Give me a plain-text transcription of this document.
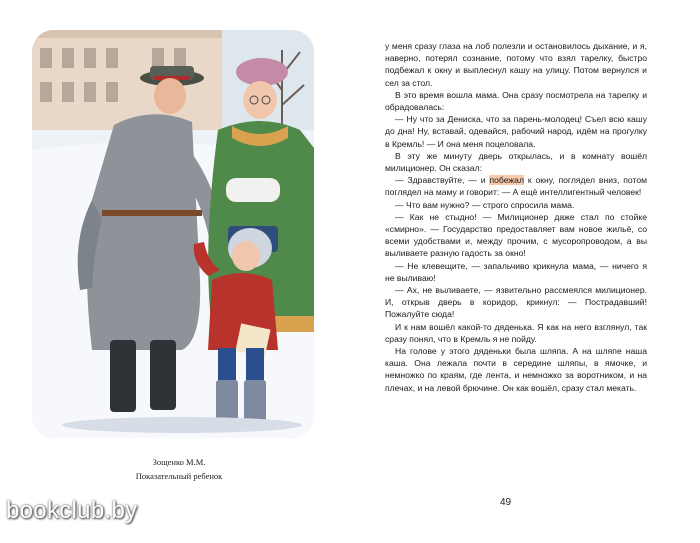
Зощенко М.М.
Показательный ребенок

у меня сразу глаза на лоб полезли и остановилось дыхание, и я, наверно, потерял сознание, потому что взял тарелку, быстро подбежал к окну и выплеснул кашу на улицу. Потом вернулся и сел за стол.

В это время вошла мама. Она сразу посмотрела на тарелку и обрадовалась:

— Ну что за Дениска, что за парень-молодец! Съел всю кашу до дна! Ну, вставай, одевайся, рабочий народ, идём на прогулку в Кремль! — И она меня поцеловала.

В эту же минуту дверь открылась, и в комнату вошёл милиционер. Он сказал:

— Здравствуйте, — и побежал к окну, поглядел вниз, потом поглядел на маму и говорит: — А ещё интеллигентный человек!

— Что вам нужно? — строго спросила мама.

— Как не стыдно! — Милиционер даже стал по стойке «смирно». — Государство предоставляет вам новое жильё, со всеми удобствами и, между прочим, с мусоропроводом, а вы выливаете разную гадость за окно!

— Не клевещите, — запальчиво крикнула мама, — ничего я не выливаю!

— Ах, не выливаете, — язвительно рассмеялся милиционер. И, открыв дверь в коридор, крикнул: — Пострадавший! Пожалуйте сюда!

И к нам вошёл какой-то дяденька. Я как на него взглянул, так сразу понял, что в Кремль я не пойду.

На голове у этого дяденьки была шляпа. А на шляпе наша каша. Она лежала почти в середине шляпы, в ямочке, и немножко по краям, где лента, и немножко за воротником, и на плечах, и на левой брючине. Он как вошёл, сразу стал мекать.

49
bookclub.by
